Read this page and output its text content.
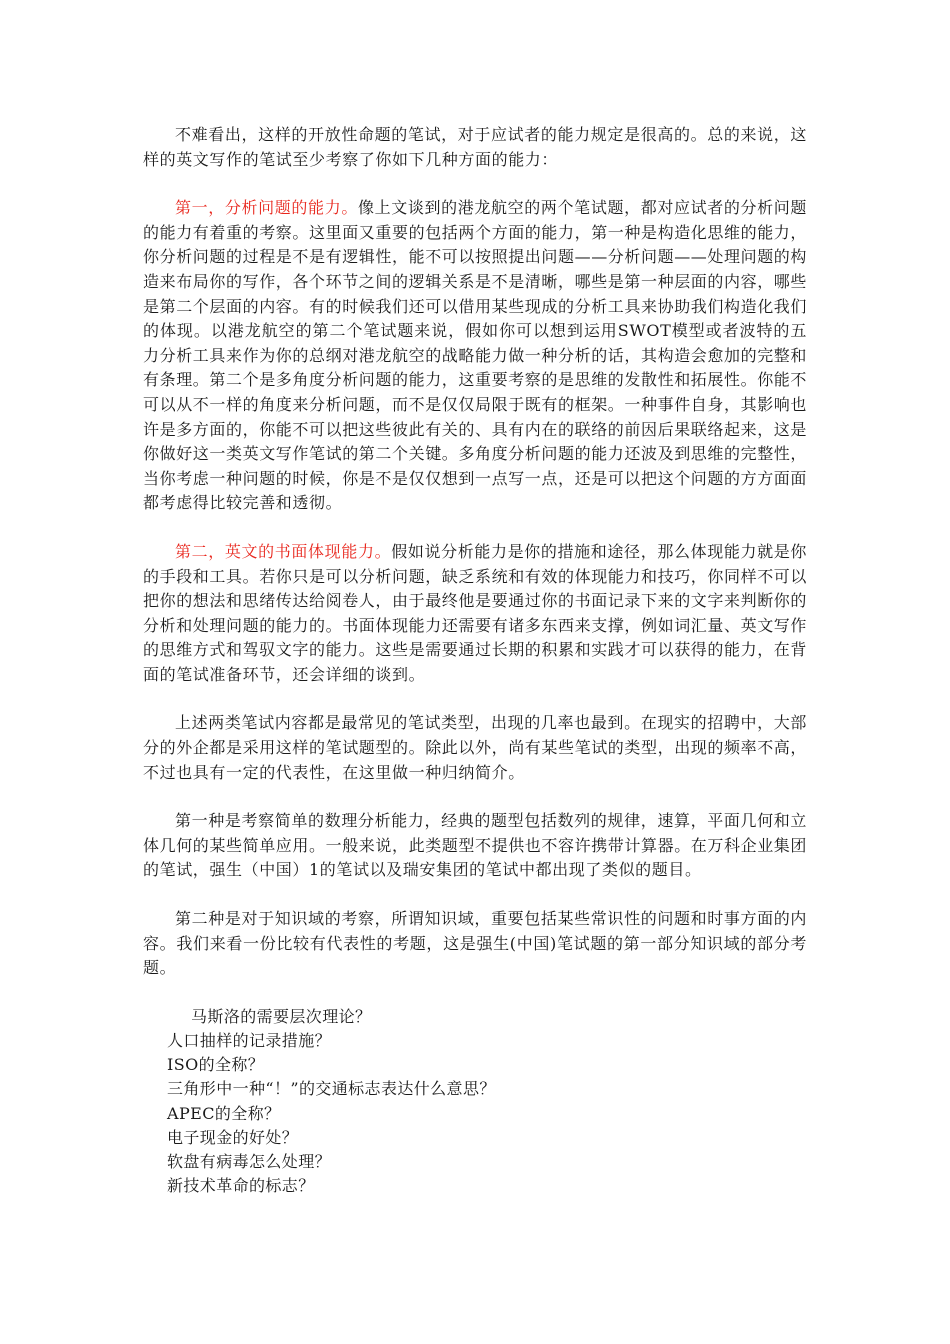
不难看出，这样的开放性命题的笔试，对于应试者的能力规定是很高的。总的来说，这样的英文写作的笔试至少考察了你如下几种方面的能力：

第一，分析问题的能力。像上文谈到的港龙航空的两个笔试题，都对应试者的分析问题的能力有着重的考察。这里面又重要的包括两个方面的能力，第一种是构造化思维的能力，你分析问题的过程是不是有逻辑性，能不可以按照提出问题——分析问题——处理问题的构造来布局你的写作，各个环节之间的逻辑关系是不是清晰，哪些是第一种层面的内容，哪些是第二个层面的内容。有的时候我们还可以借用某些现成的分析工具来协助我们构造化我们的体现。以港龙航空的第二个笔试题来说，假如你可以想到运用SWOT模型或者波特的五力分析工具来作为你的总纲对港龙航空的战略能力做一种分析的话，其构造会愈加的完整和有条理。第二个是多角度分析问题的能力，这重要考察的是思维的发散性和拓展性。你能不可以从不一样的角度来分析问题，而不是仅仅局限于既有的框架。一种事件自身，其影响也许是多方面的，你能不可以把这些彼此有关的、具有内在的联络的前因后果联络起来，这是你做好这一类英文写作笔试的第二个关键。多角度分析问题的能力还波及到思维的完整性，当你考虑一种问题的时候，你是不是仅仅想到一点写一点，还是可以把这个问题的方方面面都考虑得比较完善和透彻。

第二，英文的书面体现能力。假如说分析能力是你的措施和途径，那么体现能力就是你的手段和工具。若你只是可以分析问题，缺乏系统和有效的体现能力和技巧，你同样不可以把你的想法和思绪传达给阅卷人，由于最终他是要通过你的书面记录下来的文字来判断你的分析和处理问题的能力的。书面体现能力还需要有诸多东西来支撑，例如词汇量、英文写作的思维方式和驾驭文字的能力。这些是需要通过长期的积累和实践才可以获得的能力，在背面的笔试准备环节，还会详细的谈到。

上述两类笔试内容都是最常见的笔试类型，出现的几率也最到。在现实的招聘中，大部分的外企都是采用这样的笔试题型的。除此以外，尚有某些笔试的类型，出现的频率不高，不过也具有一定的代表性，在这里做一种归纳简介。

第一种是考察简单的数理分析能力，经典的题型包括数列的规律，速算，平面几何和立体几何的某些简单应用。一般来说，此类题型不提供也不容许携带计算器。在万科企业集团的笔试，强生（中国）1的笔试以及瑞安集团的笔试中都出现了类似的题目。

第二种是对于知识域的考察，所谓知识域，重要包括某些常识性的问题和时事方面的内容。我们来看一份比较有代表性的考题，这是强生(中国)笔试题的第一部分知识域的部分考题。

马斯洛的需要层次理论？
人口抽样的记录措施？
ISO的全称？
三角形中一种“！”的交通标志表达什么意思？
APEC的全称？
电子现金的好处？
软盘有病毒怎么处理？
新技术革命的标志？
